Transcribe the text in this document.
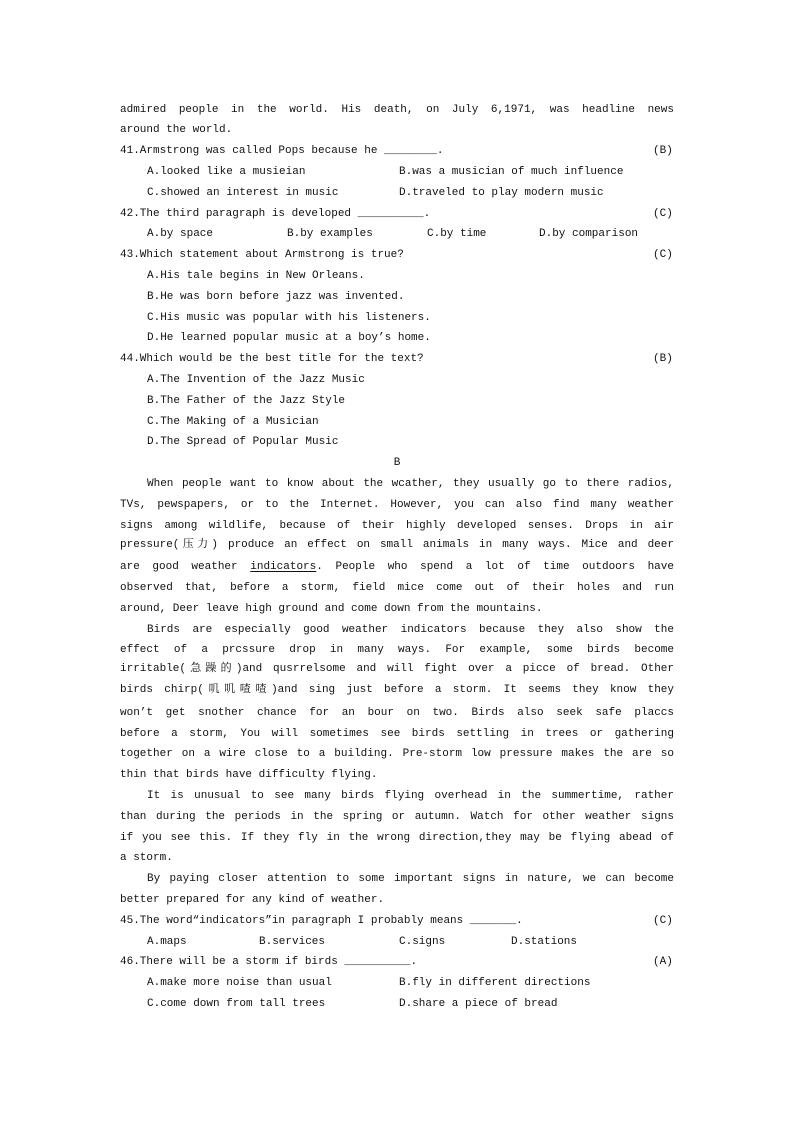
admired people in the world. His death, on July 6,1971, was headline news
around the world.
41.Armstrong was called Pops because he ________.	(B)
A.looked like a musieian	B.was a musician of much influence
C.showed an interest in music	D.traveled to play modern music
42.The third paragraph is developed __________.	(C)
A.by space	B.by examples	C.by time	D.by comparison
43.Which statement about Armstrong is true?	(C)
A.His tale begins in New Orleans.
B.He was born before jazz was invented.
C.His music was popular with his listeners.
D.He learned popular music at a boy’s home.
44.Which would be the best title for the text?	(B)
A.The Invention of the Jazz Music
B.The Father of the Jazz Style
C.The Making of a Musician
D.The Spread of Popular Music
B
When people want to know about the wcather, they usually go to there radios,
TVs, pewspapers, or to the Internet. However, you can also find many weather
signs among wildlife, because of their highly developed senses. Drops in air
pressure(压力) produce an effect on small animals in many ways. Mice and deer
are good weather indicators. People who spend a lot of time outdoors have
observed that, before a storm, field mice come out of their holes and run
around, Deer leave high ground and come down from the mountains.
Birds are especially good weather indicators because they also show the
effect of a prcssure drop in many ways. For example, some birds become
irritable(急躁的)and qusrrelsome and will fight over a picce of bread. Other
birds chirp(叽叽喳喳)and sing just before a storm. It seems they know they
won’t get snother chance for an bour on two. Birds also seek safe placcs
before a storm, You will sometimes see birds settling in trees or gathering
together on a wire close to a building. Pre-storm low pressure makes the are so
thin that birds have difficulty flying.
It is unusual to see many birds flying overhead in the summertime, rather
than during the periods in the spring or autumn. Watch for other weather signs
if you see this. If they fly in the wrong direction,they may be flying abead of
a storm.
By paying closer attention to some important signs in nature, we can become
better prepared for any kind of weather.
45.The word“indicators”in paragraph I probably means _______.	(C)
A.maps	B.services	C.signs	D.stations
46.There will be a storm if birds __________.	(A)
A.make more noise than usual	B.fly in different directions
C.come down from tall trees	D.share a piece of bread
